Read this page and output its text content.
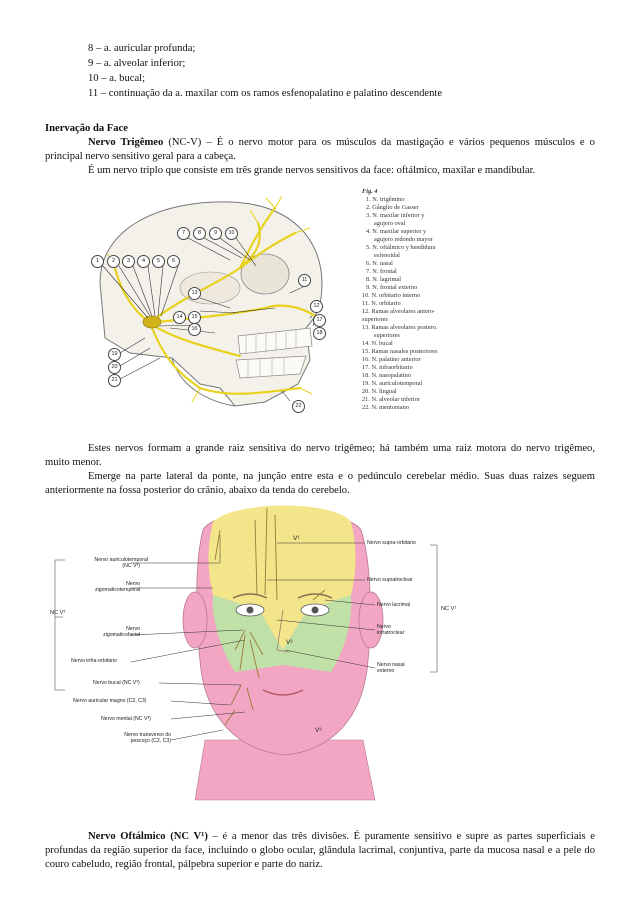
8 – a. auricular profunda;
9 – a. alveolar inferior;
10 – a. bucal;
11 – continuação da a. maxilar com os ramos esfenopalatino e palatino descendente
Inervação da Face
Nervo Trigêmeo (NC-V) – É o nervo motor para os músculos da mastigação e vários pequenos músculos e o
principal nervo sensitivo geral para a cabeça.
É um nervo triplo que consiste em três grande nervos sensitivos da face: oftálmico, maxilar e mandíbular.
1	2	3	4	5	6
7	8	9	10
11
12
13
14	15
16
17
18
19
20
21
22
Fig. 4
1. N. trigêmino
2. Gânglio de Gasser
3. N. maxilar inferior y
agujero oval
4. N. maxilar superior y
agujero redondo mayor
5. N. oftálmico y hendidura
esfenoidal
6. N. nasal
7. N. frontal
8. N. lagrimal
9. N. frontal externo
10. N. orbitario interno
11. N. orbitario
12. Ramas alveolares antero-
superiores
13. Ramas alveolares postero.
superiores
14. N. bucal
15. Ramas nasales posteriores
16. N. palatino anterior
17. N. infraorbitario
18. N. nasopalatino
19. N. auriculotemporal
20. N. lingual
21. N. alveolar inferior
22. N. mentoniano
Estes nervos formam a grande raiz sensitiva do nervo trigêmeo; há também uma raiz motora do nervo trigêmeo,
muito menor.
Emerge na parte lateral da ponte, na junção entre esta e o pedúnculo cerebelar médio. Suas duas raizes seguem
anteriormente na fossa posterior do crânio, abaixo da tenda do cerebelo.
V¹
V²
V³
NC V³
Nervo auriculotemporal
(NC V³)
Nervo
zigomaticotemporal
Nervo
zigomaticofacial
Nervo infra-orbitário
Nervo bucal (NC V³)
Nervo auricular magno (C2, C3)
Nervo mental (NC V³)
Nervo transverso do
pescoço (C2, C3)
Nervo supra-orbitário
Nervo supratroclear
Nervo lacrimal
Nervo
infratroclear
Nervo nasal
externo
NC V¹
Nervo Oftálmico (NC V¹) – é a menor das três divisões. É puramente sensitivo e supre as partes superficiais e
profundas da região superior da face, incluindo o globo ocular, glândula lacrimal, conjuntiva, parte da mucosa nasal e a pele do
couro cabeludo, região frontal, pálpebra superior e parte do nariz.
